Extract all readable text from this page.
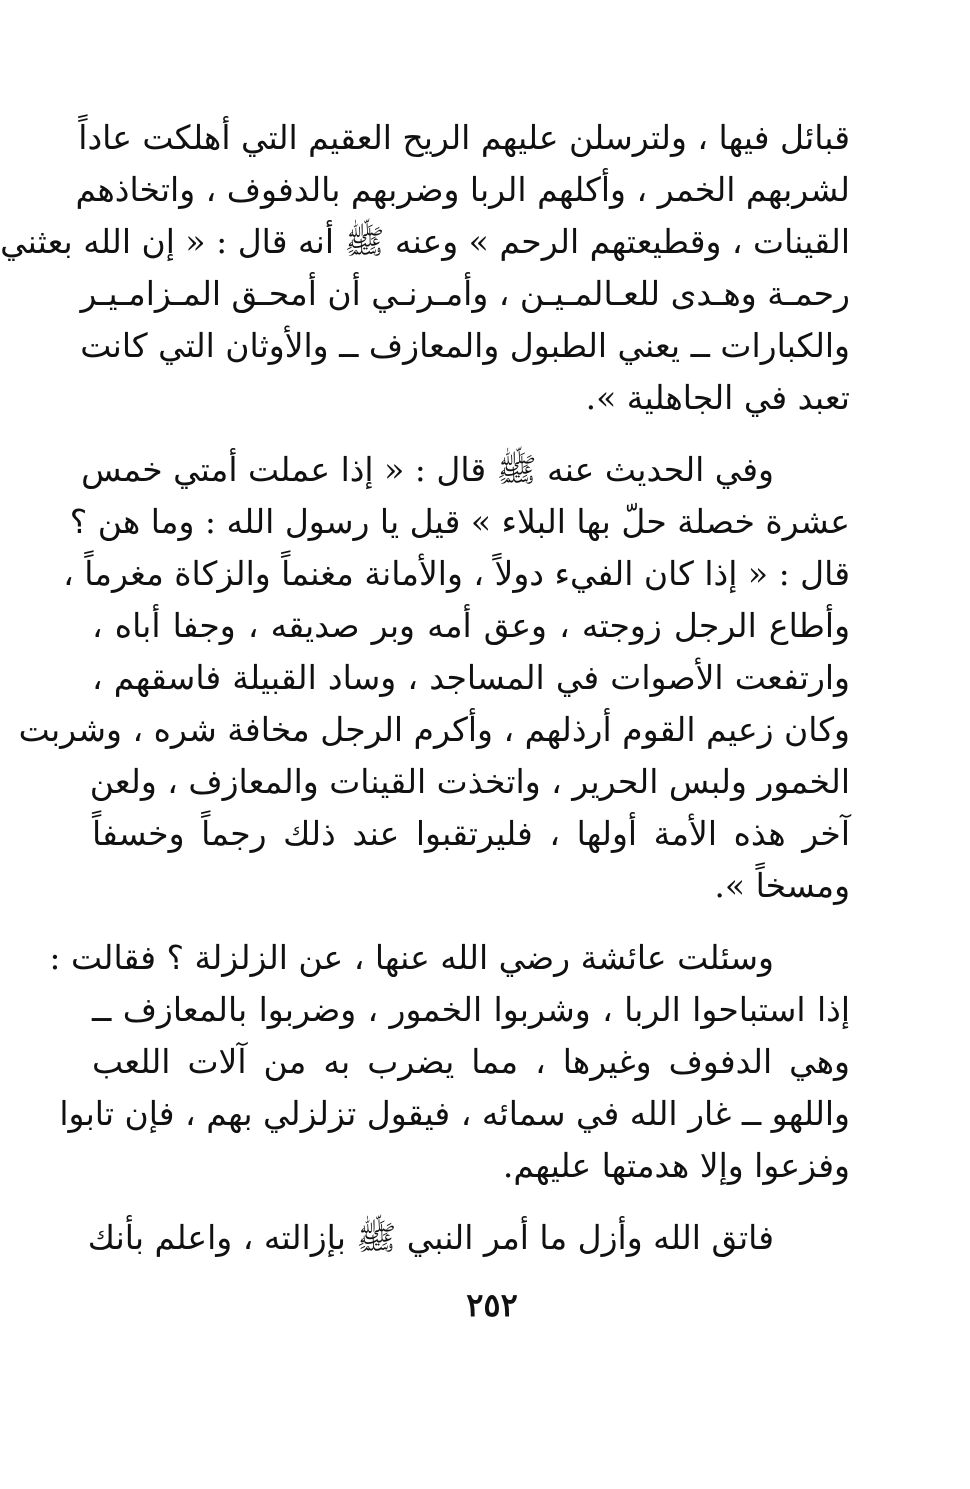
قبائل فيها ، ولترسلن عليهم الريح العقيم التي أهلكت عاداً
لشربهم الخمر ، وأكلهم الربا وضربهم بالدفوف ، واتخاذهم
القينات ، وقطيعتهم الرحم » وعنه ﷺ أنه قال : « إن الله بعثني
رحمـة وهـدى للعـالمـيـن ، وأمـرنـي أن أمحـق المـزامـيـر
والكبارات ــ يعني الطبول والمعازف ــ والأوثان التي كانت
تعبد في الجاهلية ».
وفي الحديث عنه ﷺ قال : « إذا عملت أمتي خمس
عشرة خصلة حلّ بها البلاء » قيل يا رسول الله : وما هن ؟
قال : « إذا كان الفيء دولاً ، والأمانة مغنماً والزكاة مغرماً ،
وأطاع الرجل زوجته ، وعق أمه وبر صديقه ، وجفا أباه ،
وارتفعت الأصوات في المساجد ، وساد القبيلة فاسقهم ،
وكان زعيم القوم أرذلهم ، وأكرم الرجل مخافة شره ، وشربت
الخمور ولبس الحرير ، واتخذت القينات والمعازف ، ولعن
آخر هذه الأمة أولها ، فليرتقبوا عند ذلك رجماً وخسفاً
ومسخاً ».
وسئلت عائشة رضي الله عنها ، عن الزلزلة ؟ فقالت :
إذا استباحوا الربا ، وشربوا الخمور ، وضربوا بالمعازف ــ
وهي الدفوف وغيرها ، مما يضرب به من آلات اللعب
واللهو ــ غار الله في سمائه ، فيقول تزلزلي بهم ، فإن تابوا
وفزعوا وإلا هدمتها عليهم.
فاتق الله وأزل ما أمر النبي ﷺ بإزالته ، واعلم بأنك
٢٥٢
